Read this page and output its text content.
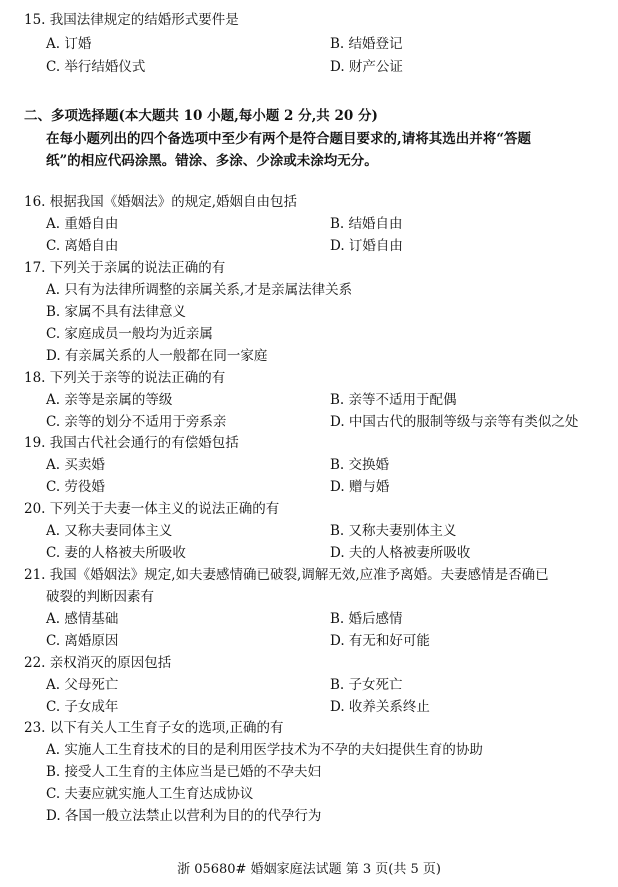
15. 我国法律规定的结婚形式要件是
A. 订婚	B. 结婚登记
C. 举行结婚仪式	D. 财产公证
二、多项选择题(本大题共 10 小题,每小题 2 分,共 20 分)
在每小题列出的四个备选项中至少有两个是符合题目要求的,请将其选出并将“答题
纸”的相应代码涂黑。错涂、多涂、少涂或未涂均无分。
16. 根据我国《婚姻法》的规定,婚姻自由包括
A. 重婚自由	B. 结婚自由
C. 离婚自由	D. 订婚自由
17. 下列关于亲属的说法正确的有
A. 只有为法律所调整的亲属关系,才是亲属法律关系
B. 家属不具有法律意义
C. 家庭成员一般均为近亲属
D. 有亲属关系的人一般都在同一家庭
18. 下列关于亲等的说法正确的有
A. 亲等是亲属的等级	B. 亲等不适用于配偶
C. 亲等的划分不适用于旁系亲	D. 中国古代的服制等级与亲等有类似之处
19. 我国古代社会通行的有偿婚包括
A. 买卖婚	B. 交换婚
C. 劳役婚	D. 赠与婚
20. 下列关于夫妻一体主义的说法正确的有
A. 又称夫妻同体主义	B. 又称夫妻别体主义
C. 妻的人格被夫所吸收	D. 夫的人格被妻所吸收
21. 我国《婚姻法》规定,如夫妻感情确已破裂,调解无效,应准予离婚。夫妻感情是否确已
破裂的判断因素有
A. 感情基础	B. 婚后感情
C. 离婚原因	D. 有无和好可能
22. 亲权消灭的原因包括
A. 父母死亡	B. 子女死亡
C. 子女成年	D. 收养关系终止
23. 以下有关人工生育子女的选项,正确的有
A. 实施人工生育技术的目的是利用医学技术为不孕的夫妇提供生育的协助
B. 接受人工生育的主体应当是已婚的不孕夫妇
C. 夫妻应就实施人工生育达成协议
D. 各国一般立法禁止以营利为目的的代孕行为
浙 05680# 婚姻家庭法试题 第 3 页(共 5 页)
